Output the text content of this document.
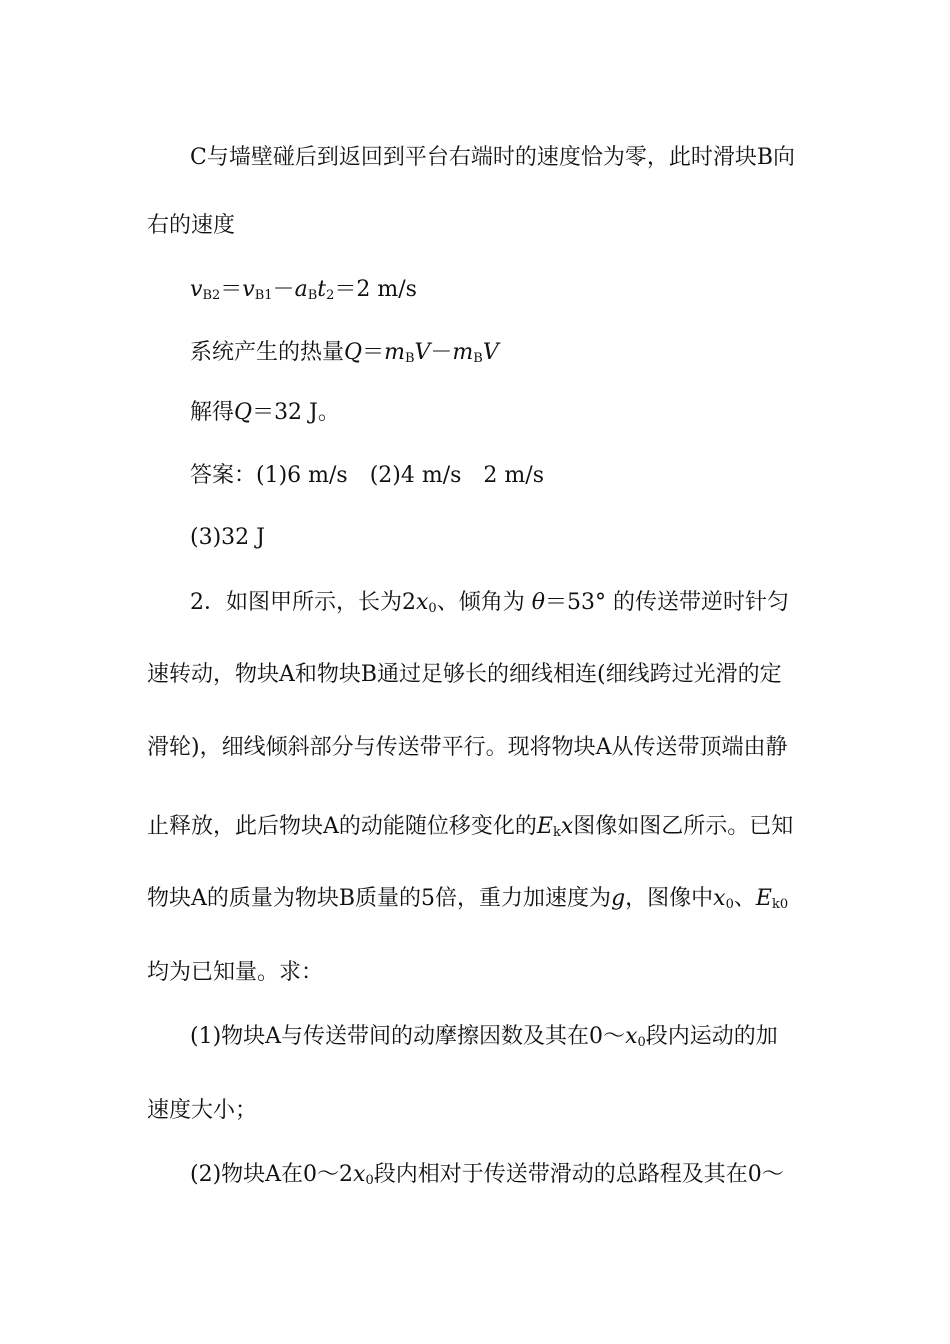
C与墙壁碰后到返回到平台右端时的速度恰为零，此时滑块B向
右的速度
vB2＝vB1－aBt2＝2 m/s
系统产生的热量Q＝mBV－mBV
解得Q＝32 J。
答案：(1)6 m/s　(2)4 m/s　2 m/s
(3)32 J
2．如图甲所示，长为2x0、倾角为 θ＝53° 的传送带逆时针匀
速转动，物块A和物块B通过足够长的细线相连(细线跨过光滑的定
滑轮)，细线倾斜部分与传送带平行。现将物块A从传送带顶端由静
止释放，此后物块A的动能随位移变化的Ekx图像如图乙所示。已知
物块A的质量为物块B质量的5倍，重力加速度为g，图像中x0、Ek0
均为已知量。求：
(1)物块A与传送带间的动摩擦因数及其在0～x0段内运动的加
速度大小；
(2)物块A在0～2x0段内相对于传送带滑动的总路程及其在0～
